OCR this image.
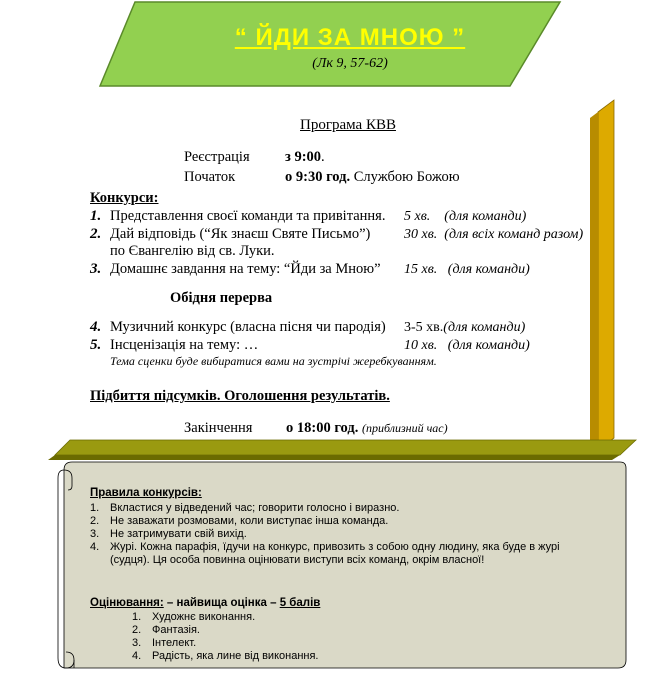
“ ЙДИ ЗА МНОЮ ”
(Лк 9, 57-62)
Програма КВВ
Реєстрація з 9:00.
Початок	о 9:30 год. Службою Божою
Конкурси:
1. Представлення своєї команди та привітання. 5 хв. (для команди)
2. Дай відповідь (“Як знаєш Святе Письмо”)
по Євангелію від св. Луки.
30 хв. (для всіх команд разом)
3. Домашнє завдання на тему: “Йди за Мною” 15 хв. (для команди)
Обідня перерва
4. Музичний конкурс (власна пісня чи пародія) 3-5 хв.(для команди)
5. Інсценізація на тему: …	10 хв. (для команди)
Тема сценки буде вибиратися вами на зустрічі жеребкуванням.
Підбиття підсумків. Оголошення результатів.
Закінчення о 18:00 год. (приблизний час)
Правила конкурсів:
1. Вкластися у відведений час; говорити голосно і виразно.
2. Не заважати розмовами, коли виступає інша команда.
3. Не затримувати свій вихід.
4. Журі. Кожна парафія, їдучи на конкурс, привозить з собою одну людину, яка буде в журі
(судця). Ця особа повинна оцінювати виступи всіх команд, окрім власної!
Оцінювання: – найвища оцінка – 5 балів
1. Художнє виконання.
2. Фантазія.
3. Інтелект.
4. Радість, яка лине від виконання.
